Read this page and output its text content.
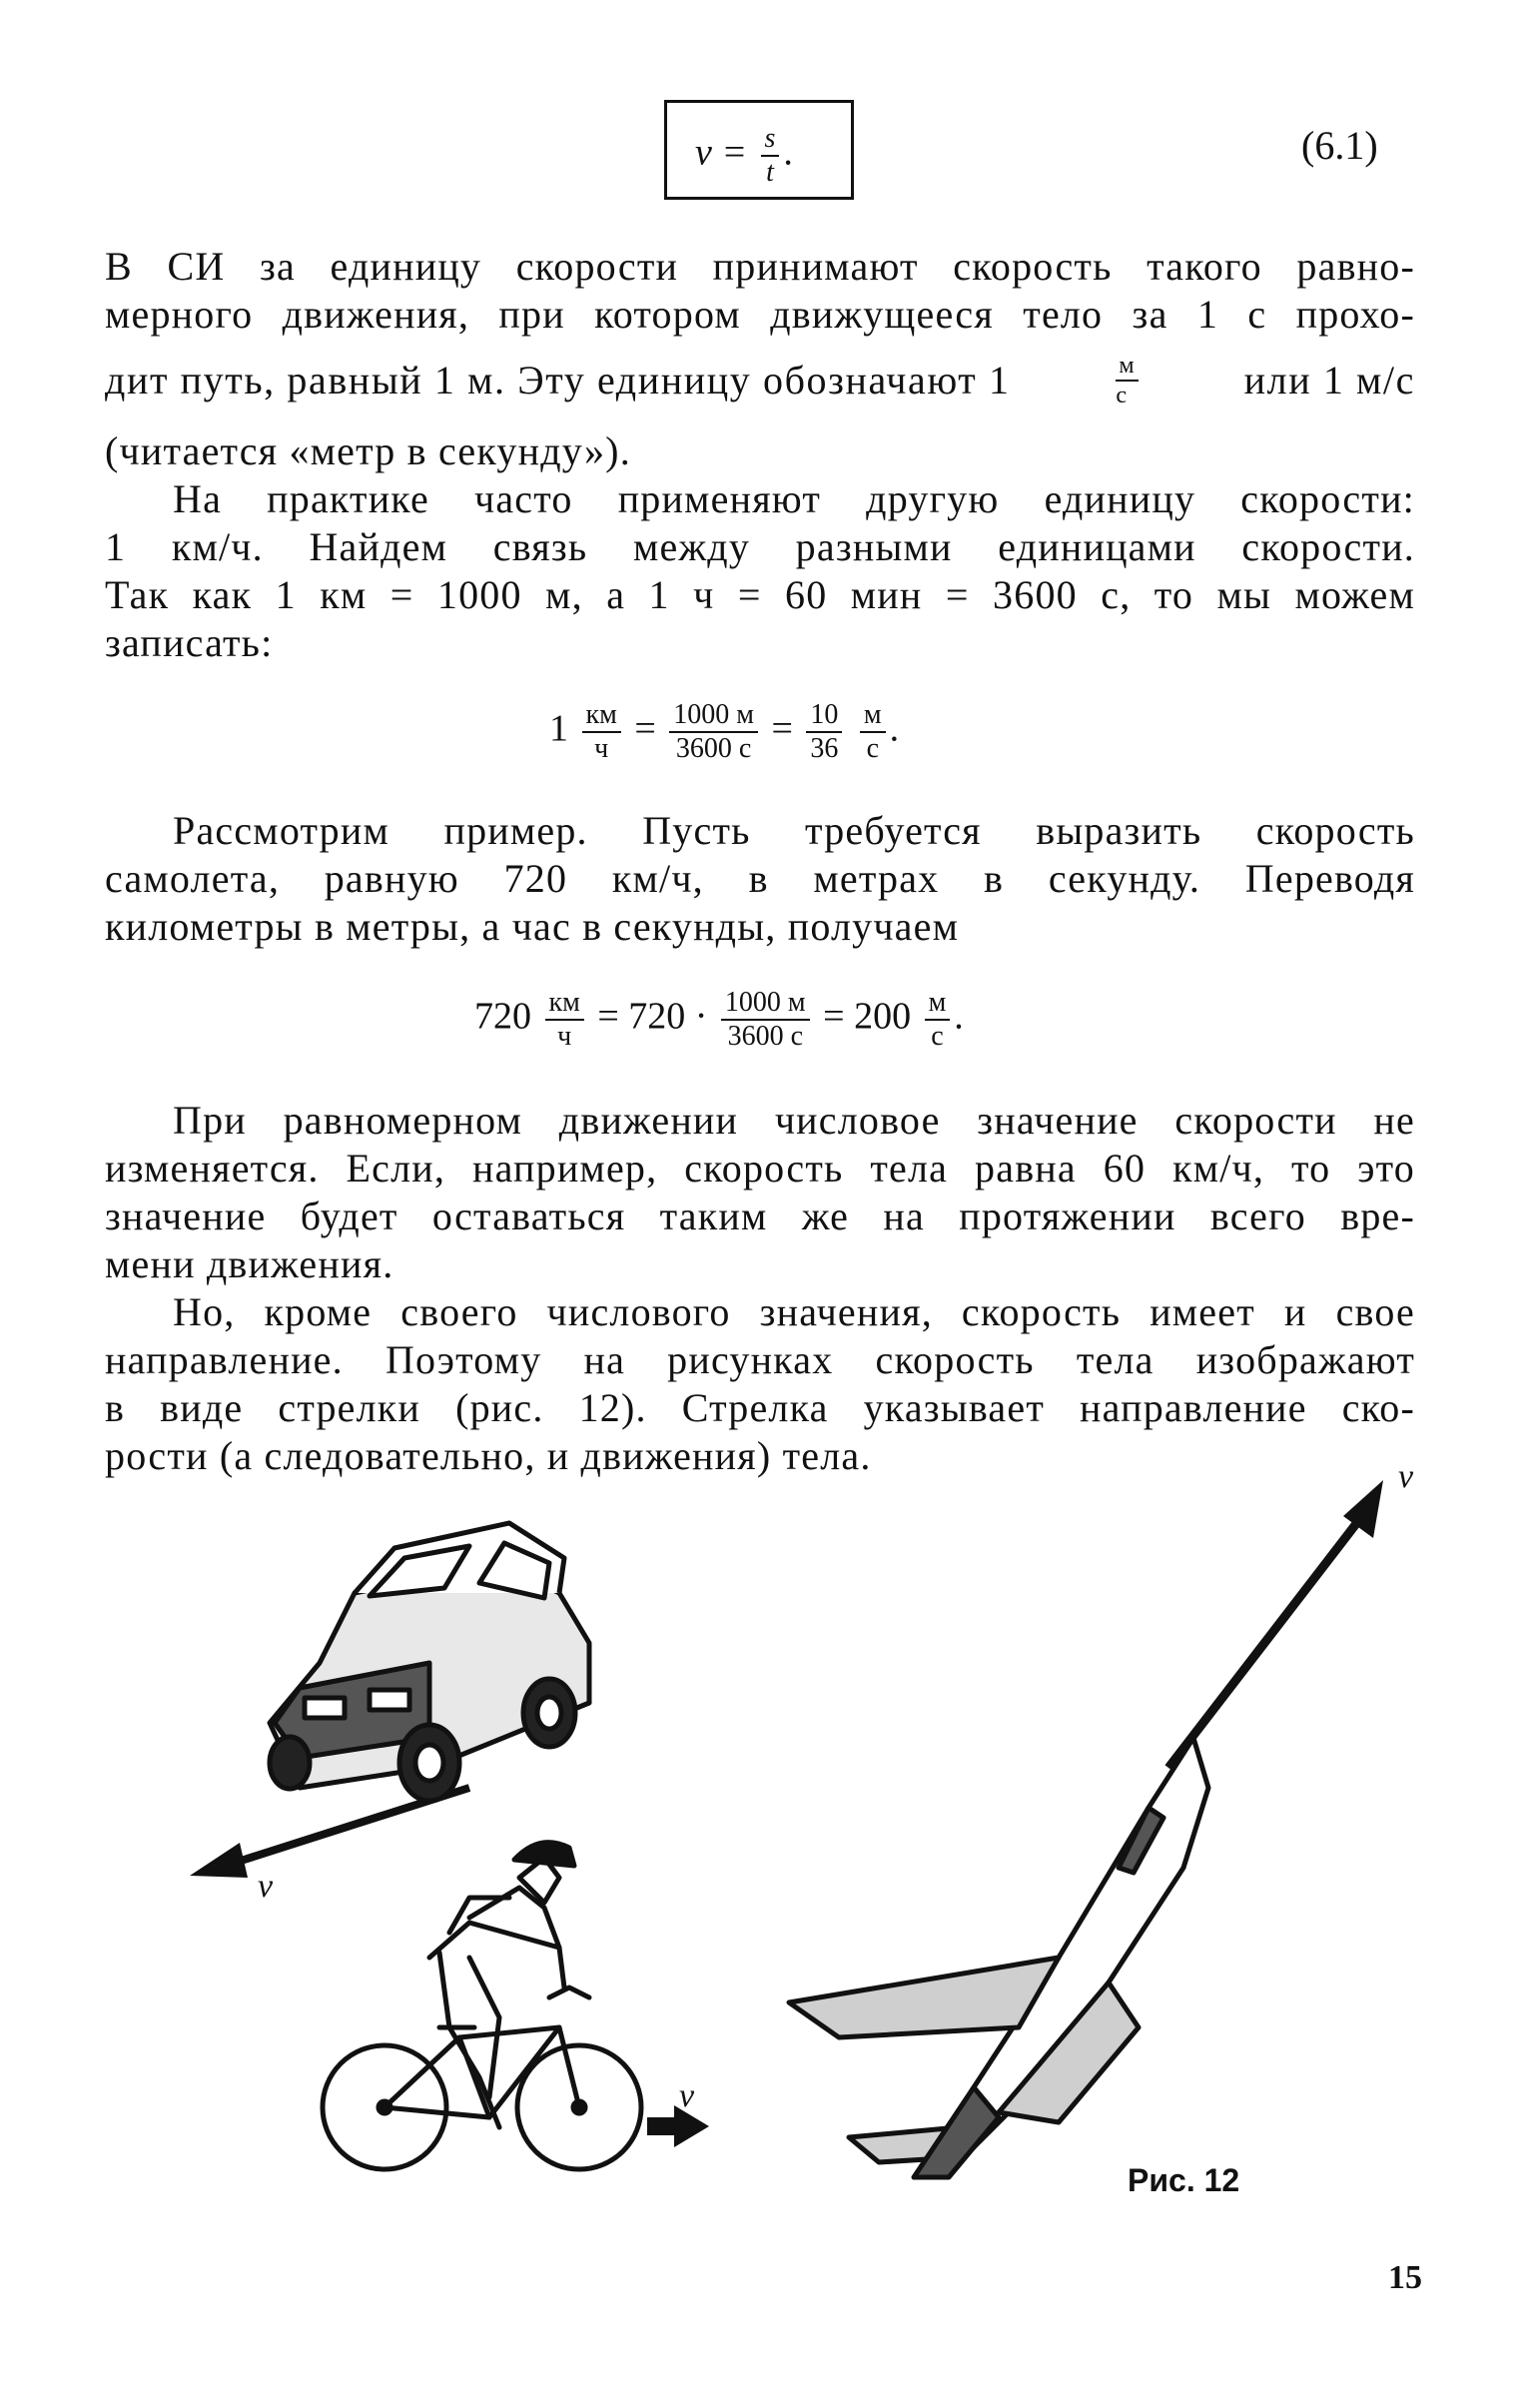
$v = \frac{s}{t}$ .	(6.1)
В СИ за единицу скорости принимают скорость такого равно-
мерного движения, при котором движущееся тело за 1 с прохо-
дит путь, равный 1 м. Эту единицу обозначают 1	м
с	или 1 м/с
(читается «метр в секунду»).
На практике часто применяют другую единицу скорости:
1 км/ч. Найдем связь между разными единицами скорости.
Так как 1 км = 1000 м, а 1 ч = 60 мин = 3600 с, то мы можем
записать:
$1 \frac{км}{ч} = \frac{1000 м}{3600 с} = \frac{10}{36}$
$\frac{м}{с}$ .
Рассмотрим пример. Пусть требуется выразить скорость
самолета, равную 720 км/ч, в метрах в секунду. Переводя
километры в метры, а час в секунды, получаем
$720 \frac{км}{ч} = 720 \cdot \frac{1000 м}{3600 с} = 200 \frac{м}{с}$ .
При равномерном движении числовое значение скорости не
изменяется. Если, например, скорость тела равна 60 км/ч, то это
значение будет оставаться таким же на протяжении всего вре-
мени движения.
Но, кроме своего числового значения, скорость имеет и свое
направление. Поэтому на рисунках скорость тела изображают
в виде стрелки (рис. 12). Стрелка указывает направление ско-
рости (а следовательно, и движения) тела.	v
v
v
Рис. 12
15
